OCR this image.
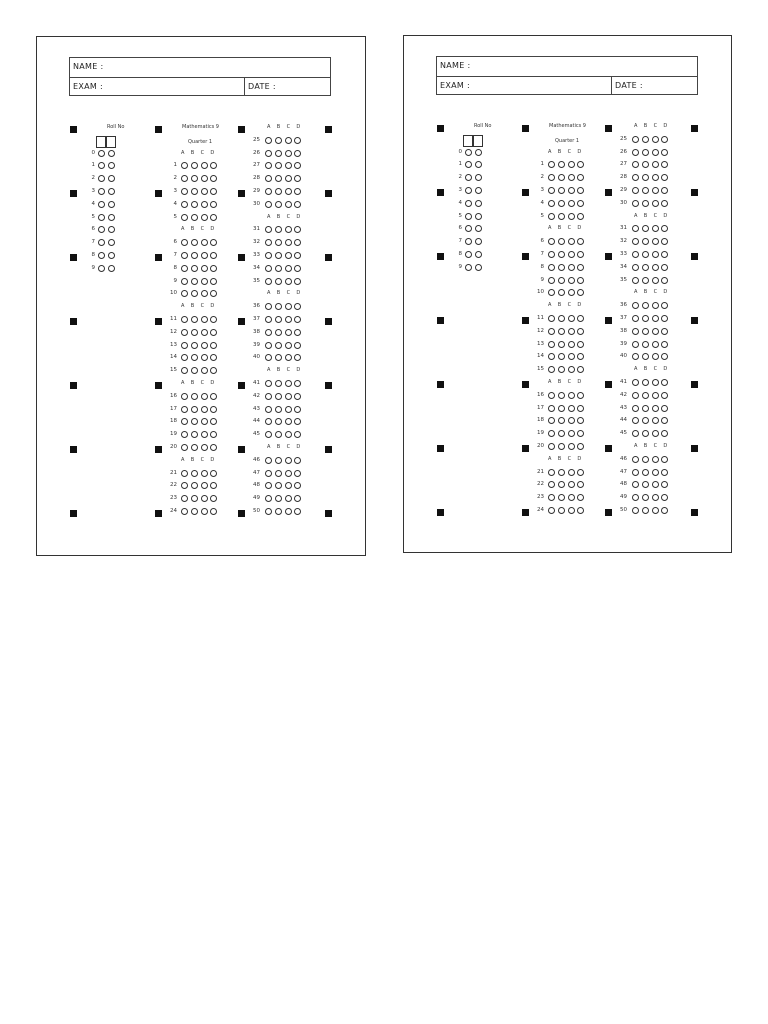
NAME :
EXAM :	DATE :
Roll No
0
1
2
3
4
5
6
7
8
9
Mathematics 9
Quarter 1
A B C D
1
2
3
4
5
A B C D
6
7
8
9
10
A B C D
11
12
13
14
15
A B C D
16
17
18
19
20
A B C D
21
22
23
24
A B C D
25
26
27
28
29
30
A B C D
31
32
33
34
35
A B C D
36
37
38
39
40
A B C D
41
42
43
44
45
A B C D
46
47
48
49
50
NAME :
EXAM :	DATE :
Roll No
0
1
2
3
4
5
6
7
8
9
Mathematics 9
Quarter 1
A B C D
1
2
3
4
5
A B C D
6
7
8
9
10
A B C D
11
12
13
14
15
A B C D
16
17
18
19
20
A B C D
21
22
23
24
A B C D
25
26
27
28
29
30
A B C D
31
32
33
34
35
A B C D
36
37
38
39
40
A B C D
41
42
43
44
45
A B C D
46
47
48
49
50
